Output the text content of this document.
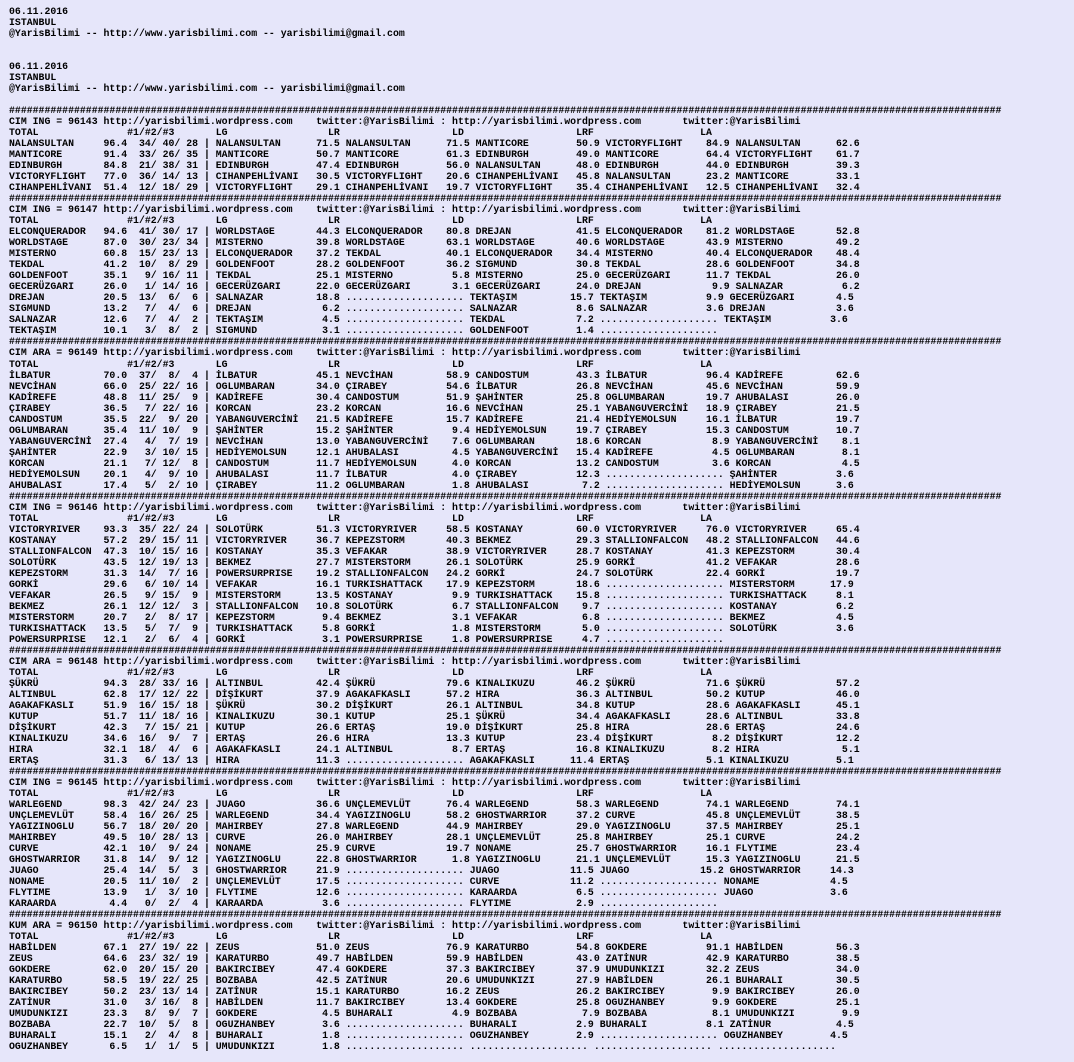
06.11.2016
ISTANBUL
@YarisBilimi -- http://www.yarisbilimi.com -- yarisbilimi@gmail.com
06.11.2016
ISTANBUL
@YarisBilimi -- http://www.yarisbilimi.com -- yarisbilimi@gmail.com
########################################################################################################################################################################
CIM ING = 96143 http://yarisbilimi.wordpress.com    twitter:@YarisBilimi : http://yarisbilimi.wordpress.com       twitter:@YarisBilimi
TOTAL               #1/#2/#3       LG                 LR                   LD                   LRF                  LA
NALANSULTAN     96.4  34/ 40/ 28 | NALANSULTAN      71.5 NALANSULTAN      71.5 MANTICORE        50.9 VICTORYFLIGHT    84.9 NALANSULTAN      62.6
MANTICORE       91.4  33/ 26/ 35 | MANTICORE        50.7 MANTICORE        61.3 EDINBURGH        49.0 MANTICORE        64.4 VICTORYFLIGHT    61.7
EDINBURGH       84.8  21/ 38/ 31 | EDINBURGH        47.4 EDINBURGH        56.0 NALANSULTAN      48.0 EDINBURGH        44.0 EDINBURGH        39.3
VICTORYFLIGHT   77.0  36/ 14/ 13 | CIHANPEHLİVANI   30.5 VICTORYFLIGHT    20.6 CIHANPEHLİVANI   45.8 NALANSULTAN      23.2 MANTICORE        33.1
CIHANPEHLİVANI  51.4  12/ 18/ 29 | VICTORYFLIGHT    29.1 CIHANPEHLİVANI   19.7 VICTORYFLIGHT    35.4 CIHANPEHLİVANI   12.5 CIHANPEHLİVANI   32.4
########################################################################################################################################################################
CIM ING = 96147 http://yarisbilimi.wordpress.com    twitter:@YarisBilimi : http://yarisbilimi.wordpress.com       twitter:@YarisBilimi
TOTAL               #1/#2/#3       LG                 LR                   LD                   LRF                  LA
ELCONQUERADOR   94.6  41/ 30/ 17 | WORLDSTAGE       44.3 ELCONQUERADOR    80.8 DREJAN           41.5 ELCONQUERADOR    81.2 WORLDSTAGE       52.8
WORLDSTAGE      87.0  30/ 23/ 34 | MISTERNO         39.8 WORLDSTAGE       63.1 WORLDSTAGE       40.6 WORLDSTAGE       43.9 MISTERNO         49.2
MISTERNO        60.8  15/ 23/ 13 | ELCONQUERADOR    37.2 TEKDAL           40.1 ELCONQUERADOR    34.4 MISTERNO         40.4 ELCONQUERADOR    48.4
TEKDAL          41.2  10/  8/ 29 | GOLDENFOOT       28.2 GOLDENFOOT       36.2 SIGMUND          30.8 TEKDAL           28.6 GOLDENFOOT       34.8
GOLDENFOOT      35.1   9/ 16/ 11 | TEKDAL           25.1 MISTERNO          5.8 MISTERNO         25.0 GECERÜZGARI      11.7 TEKDAL           26.0
GECERÜZGARI     26.0   1/ 14/ 16 | GECERÜZGARI      22.0 GECERÜZGARI       3.1 GECERÜZGARI      24.0 DREJAN            9.9 SALNAZAR          6.2
DREJAN          20.5  13/  6/  6 | SALNAZAR         18.8 .................... TEKTAŞIM         15.7 TEKTAŞIM          9.9 GECERÜZGARI       4.5
SIGMUND         13.2   7/  4/  6 | DREJAN            6.2 .................... SALNAZAR          8.6 SALNAZAR          3.6 DREJAN            3.6
SALNAZAR        12.6   7/  4/  2 | TEKTAŞIM          4.5 .................... TEKDAL            7.2 .................... TEKTAŞIM          3.6
TEKTAŞIM        10.1   3/  8/  2 | SIGMUND           3.1 .................... GOLDENFOOT        1.4 ....................
########################################################################################################################################################################
CIM ARA = 96149 http://yarisbilimi.wordpress.com    twitter:@YarisBilimi : http://yarisbilimi.wordpress.com       twitter:@YarisBilimi
TOTAL               #1/#2/#3       LG                 LR                   LD                   LRF                  LA
İLBATUR         70.0  37/  8/  4 | İLBATUR          45.1 NEVCİHAN         58.9 CANDOSTUM        43.3 İLBATUR          96.4 KADİREFE         62.6
NEVCİHAN        66.0  25/ 22/ 16 | OGLUMBARAN       34.0 ÇIRABEY          54.6 İLBATUR          26.8 NEVCİHAN         45.6 NEVCİHAN         59.9
KADİREFE        48.8  11/ 25/  9 | KADİREFE         30.4 CANDOSTUM        51.9 ŞAHİNTER         25.8 OGLUMBARAN       19.7 AHUBALASI        26.0
ÇIRABEY         36.5   7/ 22/ 16 | KORCAN           23.2 KORCAN           16.6 NEVCİHAN         25.1 YABANGUVERCİNİ   18.9 ÇIRABEY          21.5
CANDOSTUM       35.5  22/  9/ 20 | YABANGUVERCİNİ   21.5 KADİREFE         15.7 KADİREFE         21.4 HEDİYEMOLSUN     16.1 İLBATUR          19.7
OGLUMBARAN      35.4  11/ 10/  9 | ŞAHİNTER         15.2 ŞAHİNTER          9.4 HEDİYEMOLSUN     19.7 ÇIRABEY          15.3 CANDOSTUM        10.7
YABANGUVERCİNİ  27.4   4/  7/ 19 | NEVCİHAN         13.0 YABANGUVERCİNİ    7.6 OGLUMBARAN       18.6 KORCAN            8.9 YABANGUVERCİNİ    8.1
ŞAHİNTER        22.9   3/ 10/ 15 | HEDİYEMOLSUN     12.1 AHUBALASI         4.5 YABANGUVERCİNİ   15.4 KADİREFE          4.5 OGLUMBARAN        8.1
KORCAN          21.1   7/ 12/  8 | CANDOSTUM        11.7 HEDİYEMOLSUN      4.0 KORCAN           13.2 CANDOSTUM         3.6 KORCAN            4.5
HEDİYEMOLSUN    20.1   4/  9/ 10 | AHUBALASI        11.7 İLBATUR           4.0 ÇIRABEY          12.3 .................... ŞAHİNTER          3.6
AHUBALASI       17.4   5/  2/ 10 | ÇIRABEY          11.2 OGLUMBARAN        1.8 AHUBALASI         7.2 .................... HEDİYEMOLSUN      3.6
########################################################################################################################################################################
CIM ING = 96146 http://yarisbilimi.wordpress.com    twitter:@YarisBilimi : http://yarisbilimi.wordpress.com       twitter:@YarisBilimi
TOTAL               #1/#2/#3       LG                 LR                   LD                   LRF                  LA
VICTORYRIVER    93.3  35/ 22/ 24 | SOLOTÜRK         51.3 VICTORYRIVER     58.5 KOSTANAY         60.0 VICTORYRIVER     76.0 VICTORYRIVER     65.4
KOSTANAY        57.2  29/ 15/ 11 | VICTORYRIVER     36.7 KEPEZSTORM       40.3 BEKMEZ           29.3 STALLIONFALCON   48.2 STALLIONFALCON   44.6
STALLIONFALCON  47.3  10/ 15/ 16 | KOSTANAY         35.3 VEFAKAR          38.9 VICTORYRIVER     28.7 KOSTANAY         41.3 KEPEZSTORM       30.4
SOLOTÜRK        43.5  12/ 19/ 13 | BEKMEZ           27.7 MISTERSTORM      26.1 SOLOTÜRK         25.9 GORKİ            41.2 VEFAKAR          28.6
KEPEZSTORM      31.3  14/  7/ 16 | POWERSURPRISE    19.2 STALLIONFALCON   24.2 GORKİ            24.7 SOLOTÜRK         22.4 GORKİ            19.7
GORKİ           29.6   6/ 10/ 14 | VEFAKAR          16.1 TURKISHATTACK    17.9 KEPEZSTORM       18.6 .................... MISTERSTORM      17.9
VEFAKAR         26.5   9/ 15/  9 | MISTERSTORM      13.5 KOSTANAY          9.9 TURKISHATTACK    15.8 .................... TURKISHATTACK     8.1
BEKMEZ          26.1  12/ 12/  3 | STALLIONFALCON   10.8 SOLOTÜRK          6.7 STALLIONFALCON    9.7 .................... KOSTANAY          6.2
MISTERSTORM     20.7   2/  8/ 17 | KEPEZSTORM        9.4 BEKMEZ            3.1 VEFAKAR           6.8 .................... BEKMEZ            4.5
TURKISHATTACK   13.5   5/  7/  9 | TURKISHATTACK     5.8 GORKİ             1.8 MISTERSTORM       5.0 .................... SOLOTÜRK          3.6
POWERSURPRISE   12.1   2/  6/  4 | GORKİ             3.1 POWERSURPRISE     1.8 POWERSURPRISE     4.7 ....................
########################################################################################################################################################################
CIM ARA = 96148 http://yarisbilimi.wordpress.com    twitter:@YarisBilimi : http://yarisbilimi.wordpress.com       twitter:@YarisBilimi
TOTAL               #1/#2/#3       LG                 LR                   LD                   LRF                  LA
ŞÜKRÜ           94.3  28/ 33/ 16 | ALTINBUL         42.4 ŞÜKRÜ            79.6 KINALIKUZU       46.2 ŞÜKRÜ            71.6 ŞÜKRÜ            57.2
ALTINBUL        62.8  17/ 12/ 22 | DİŞİKURT         37.9 AGAKAFKASLI      57.2 HIRA             36.3 ALTINBUL         50.2 KUTUP            46.0
AGAKAFKASLI     51.9  16/ 15/ 18 | ŞÜKRÜ            30.2 DİŞİKURT         26.1 ALTINBUL         34.8 KUTUP            28.6 AGAKAFKASLI      45.1
KUTUP           51.7  11/ 18/ 16 | KINALIKUZU       30.1 KUTUP            25.1 ŞÜKRÜ            34.4 AGAKAFKASLI      28.6 ALTINBUL         33.8
DİŞİKURT        42.3   7/ 15/ 21 | KUTUP            26.6 ERTAŞ            19.0 DİŞİKURT         25.8 HIRA             28.6 ERTAŞ            24.6
KINALIKUZU      34.6  16/  9/  7 | ERTAŞ            26.6 HIRA             13.3 KUTUP            23.4 DİŞİKURT          8.2 DİŞİKURT         12.2
HIRA            32.1  18/  4/  6 | AGAKAFKASLI      24.1 ALTINBUL          8.7 ERTAŞ            16.8 KINALIKUZU        8.2 HIRA              5.1
ERTAŞ           31.3   6/ 13/ 13 | HIRA             11.3 .................... AGAKAFKASLI      11.4 ERTAŞ             5.1 KINALIKUZU        5.1
########################################################################################################################################################################
CIM ING = 96145 http://yarisbilimi.wordpress.com    twitter:@YarisBilimi : http://yarisbilimi.wordpress.com       twitter:@YarisBilimi
TOTAL               #1/#2/#3       LG                 LR                   LD                   LRF                  LA
WARLEGEND       98.3  42/ 24/ 23 | JUAGO            36.6 UNÇLEMEVLÜT      76.4 WARLEGEND        58.3 WARLEGEND        74.1 WARLEGEND        74.1
UNÇLEMEVLÜT     58.4  16/ 26/ 25 | WARLEGEND        34.4 YAGIZINOGLU      58.2 GHOSTWARRIOR     37.2 CURVE            45.8 UNÇLEMEVLÜT      38.5
YAGIZINOGLU     56.7  18/ 20/ 20 | MAHIRBEY         27.8 WARLEGEND        44.9 MAHIRBEY         29.0 YAGIZINOGLU      37.5 MAHIRBEY         25.1
MAHIRBEY        49.5  10/ 28/ 13 | CURVE            26.0 MAHIRBEY         28.1 UNÇLEMEVLÜT      25.8 MAHIRBEY         25.1 CURVE            24.2
CURVE           42.1  10/  9/ 24 | NONAME           25.9 CURVE            19.7 NONAME           25.7 GHOSTWARRIOR     16.1 FLYTIME          23.4
GHOSTWARRIOR    31.8  14/  9/ 12 | YAGIZINOGLU      22.8 GHOSTWARRIOR      1.8 YAGIZINOGLU      21.1 UNÇLEMEVLÜT      15.3 YAGIZINOGLU      21.5
JUAGO           25.4  14/  5/  3 | GHOSTWARRIOR     21.9 .................... JUAGO            11.5 JUAGO            15.2 GHOSTWARRIOR     14.3
NONAME          20.5  11/ 10/  2 | UNÇLEMEVLÜT      17.5 .................... CURVE            11.2 .................... NONAME            4.5
FLYTIME         13.9   1/  3/ 10 | FLYTIME          12.6 .................... KARAARDA          6.5 .................... JUAGO             3.6
KARAARDA         4.4   0/  2/  4 | KARAARDA          3.6 .................... FLYTIME           2.9 ....................
########################################################################################################################################################################
KUM ARA = 96150 http://yarisbilimi.wordpress.com    twitter:@YarisBilimi : http://yarisbilimi.wordpress.com       twitter:@YarisBilimi
TOTAL               #1/#2/#3       LG                 LR                   LD                   LRF                  LA
HABİLDEN        67.1  27/ 19/ 22 | ZEUS             51.0 ZEUS             76.9 KARATURBO        54.8 GOKDERE          91.1 HABİLDEN         56.3
ZEUS            64.6  23/ 32/ 19 | KARATURBO        49.7 HABİLDEN         59.9 HABİLDEN         43.0 ZATİNUR          42.9 KARATURBO        38.5
GOKDERE         62.0  20/ 15/ 20 | BAKIRCIBEY       47.4 GOKDERE          37.3 BAKIRCIBEY       37.9 UMUDUNKIZI       32.2 ZEUS             34.0
KARATURBO       58.5  19/ 22/ 25 | BOZBABA          42.5 ZATİNUR          20.6 UMUDUNKIZI       27.9 HABİLDEN         26.1 BUHARALI         30.5
BAKIRCIBEY      50.2  23/ 13/ 14 | ZATİNUR          15.1 KARATURBO        16.2 ZEUS             26.2 BAKIRCIBEY        9.9 BAKIRCIBEY       26.0
ZATİNUR         31.0   3/ 16/  8 | HABİLDEN         11.7 BAKIRCIBEY       13.4 GOKDERE          25.8 OGUZHANBEY        9.9 GOKDERE          25.1
UMUDUNKIZI      23.3   8/  9/  7 | GOKDERE           4.5 BUHARALI          4.9 BOZBABA           7.9 BOZBABA           8.1 UMUDUNKIZI        9.9
BOZBABA         22.7  10/  5/  8 | OGUZHANBEY        3.6 .................... BUHARALI          2.9 BUHARALI          8.1 ZATİNUR           4.5
BUHARALI        15.1   2/  4/  8 | BUHARALI          1.8 .................... OGUZHANBEY        2.9 .................... OGUZHANBEY        4.5
OGUZHANBEY       6.5   1/  1/  5 | UMUDUNKIZI        1.8 .................... .................... .................... ....................
